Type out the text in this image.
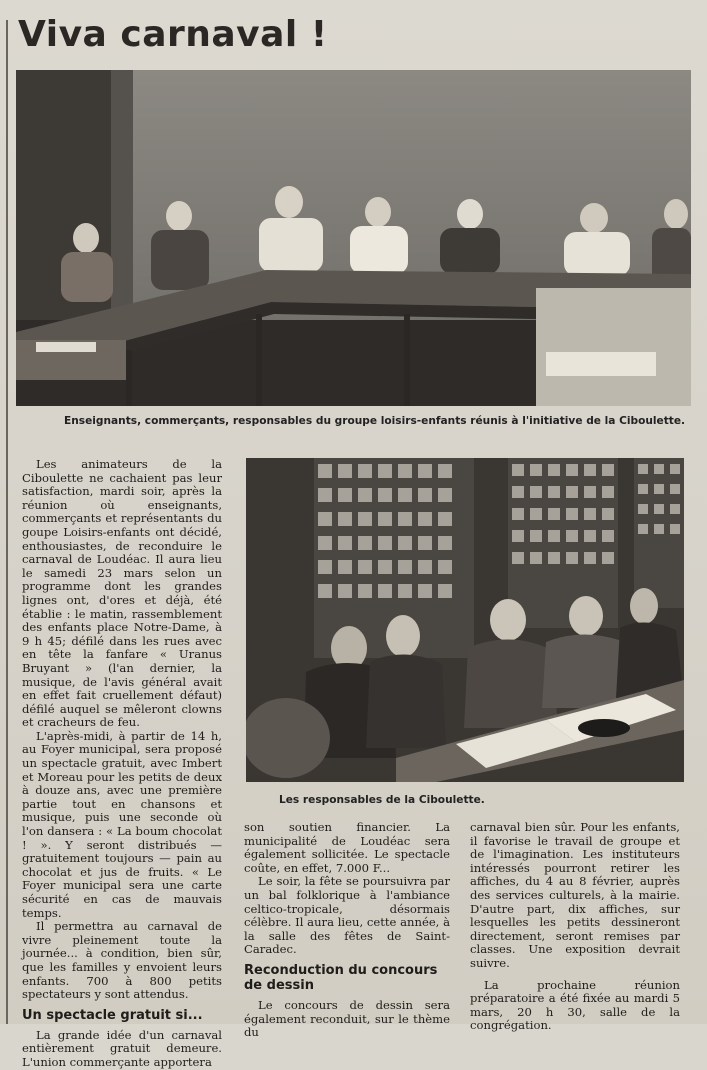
Viva carnaval !

Enseignants, commerçants, responsables du groupe loisirs-enfants réunis à l'initiative de la Ciboulette.

Les animateurs de la Ciboulette ne cachaient pas leur satisfaction, mardi soir, après la réunion où enseignants, commerçants et représentants du goupe Loisirs-enfants ont décidé, enthousiastes, de reconduire le carnaval de Loudéac. Il aura lieu le samedi 23 mars selon un programme dont les grandes lignes ont, d'ores et déjà, été établie : le matin, rassemblement des enfants place Notre-Dame, à 9 h 45; défilé dans les rues avec en tête la fanfare « Uranus Bruyant » (l'an dernier, la musique, de l'avis général avait en effet fait cruellement défaut) défilé auquel se mêleront clowns et cracheurs de feu.

L'après-midi, à partir de 14 h, au Foyer municipal, sera proposé un spectacle gratuit, avec Imbert et Moreau pour les petits de deux à douze ans, avec une première partie tout en chansons et musique, puis une seconde où l'on dansera : « La boum chocolat ! ». Y seront distribués — gratuitement toujours — pain au chocolat et jus de fruits. « Le Foyer municipal sera une carte sécurité en cas de mauvais temps.

Il permettra au carnaval de vivre pleinement toute la journée... à condition, bien sûr, que les familles y envoient leurs enfants. 700 à 800 petits spectateurs y sont attendus.

Un spectacle gratuit si...

La grande idée d'un carnaval entièrement gratuit demeure. L'union commerçante apportera

Les responsables de la Ciboulette.

son soutien financier. La municipalité de Loudéac sera également sollicitée. Le spectacle coûte, en effet, 7.000 F...

Le soir, la fête se poursuivra par un bal folklorique à l'ambiance celtico-tropicale, désormais célèbre. Il aura lieu, cette année, à la salle des fêtes de Saint-Caradec.

Reconduction du concours de dessin

Le concours de dessin sera également reconduit, sur le thème du

carnaval bien sûr. Pour les enfants, il favorise le travail de groupe et de l'imagination. Les instituteurs intéressés pourront retirer les affiches, du 4 au 8 février, auprès des services culturels, à la mairie. D'autre part, dix affiches, sur lesquelles les petits dessineront directement, seront remises par classes. Une exposition devrait suivre.

La prochaine réunion préparatoire a été fixée au mardi 5 mars, 20 h 30, salle de la congrégation.
